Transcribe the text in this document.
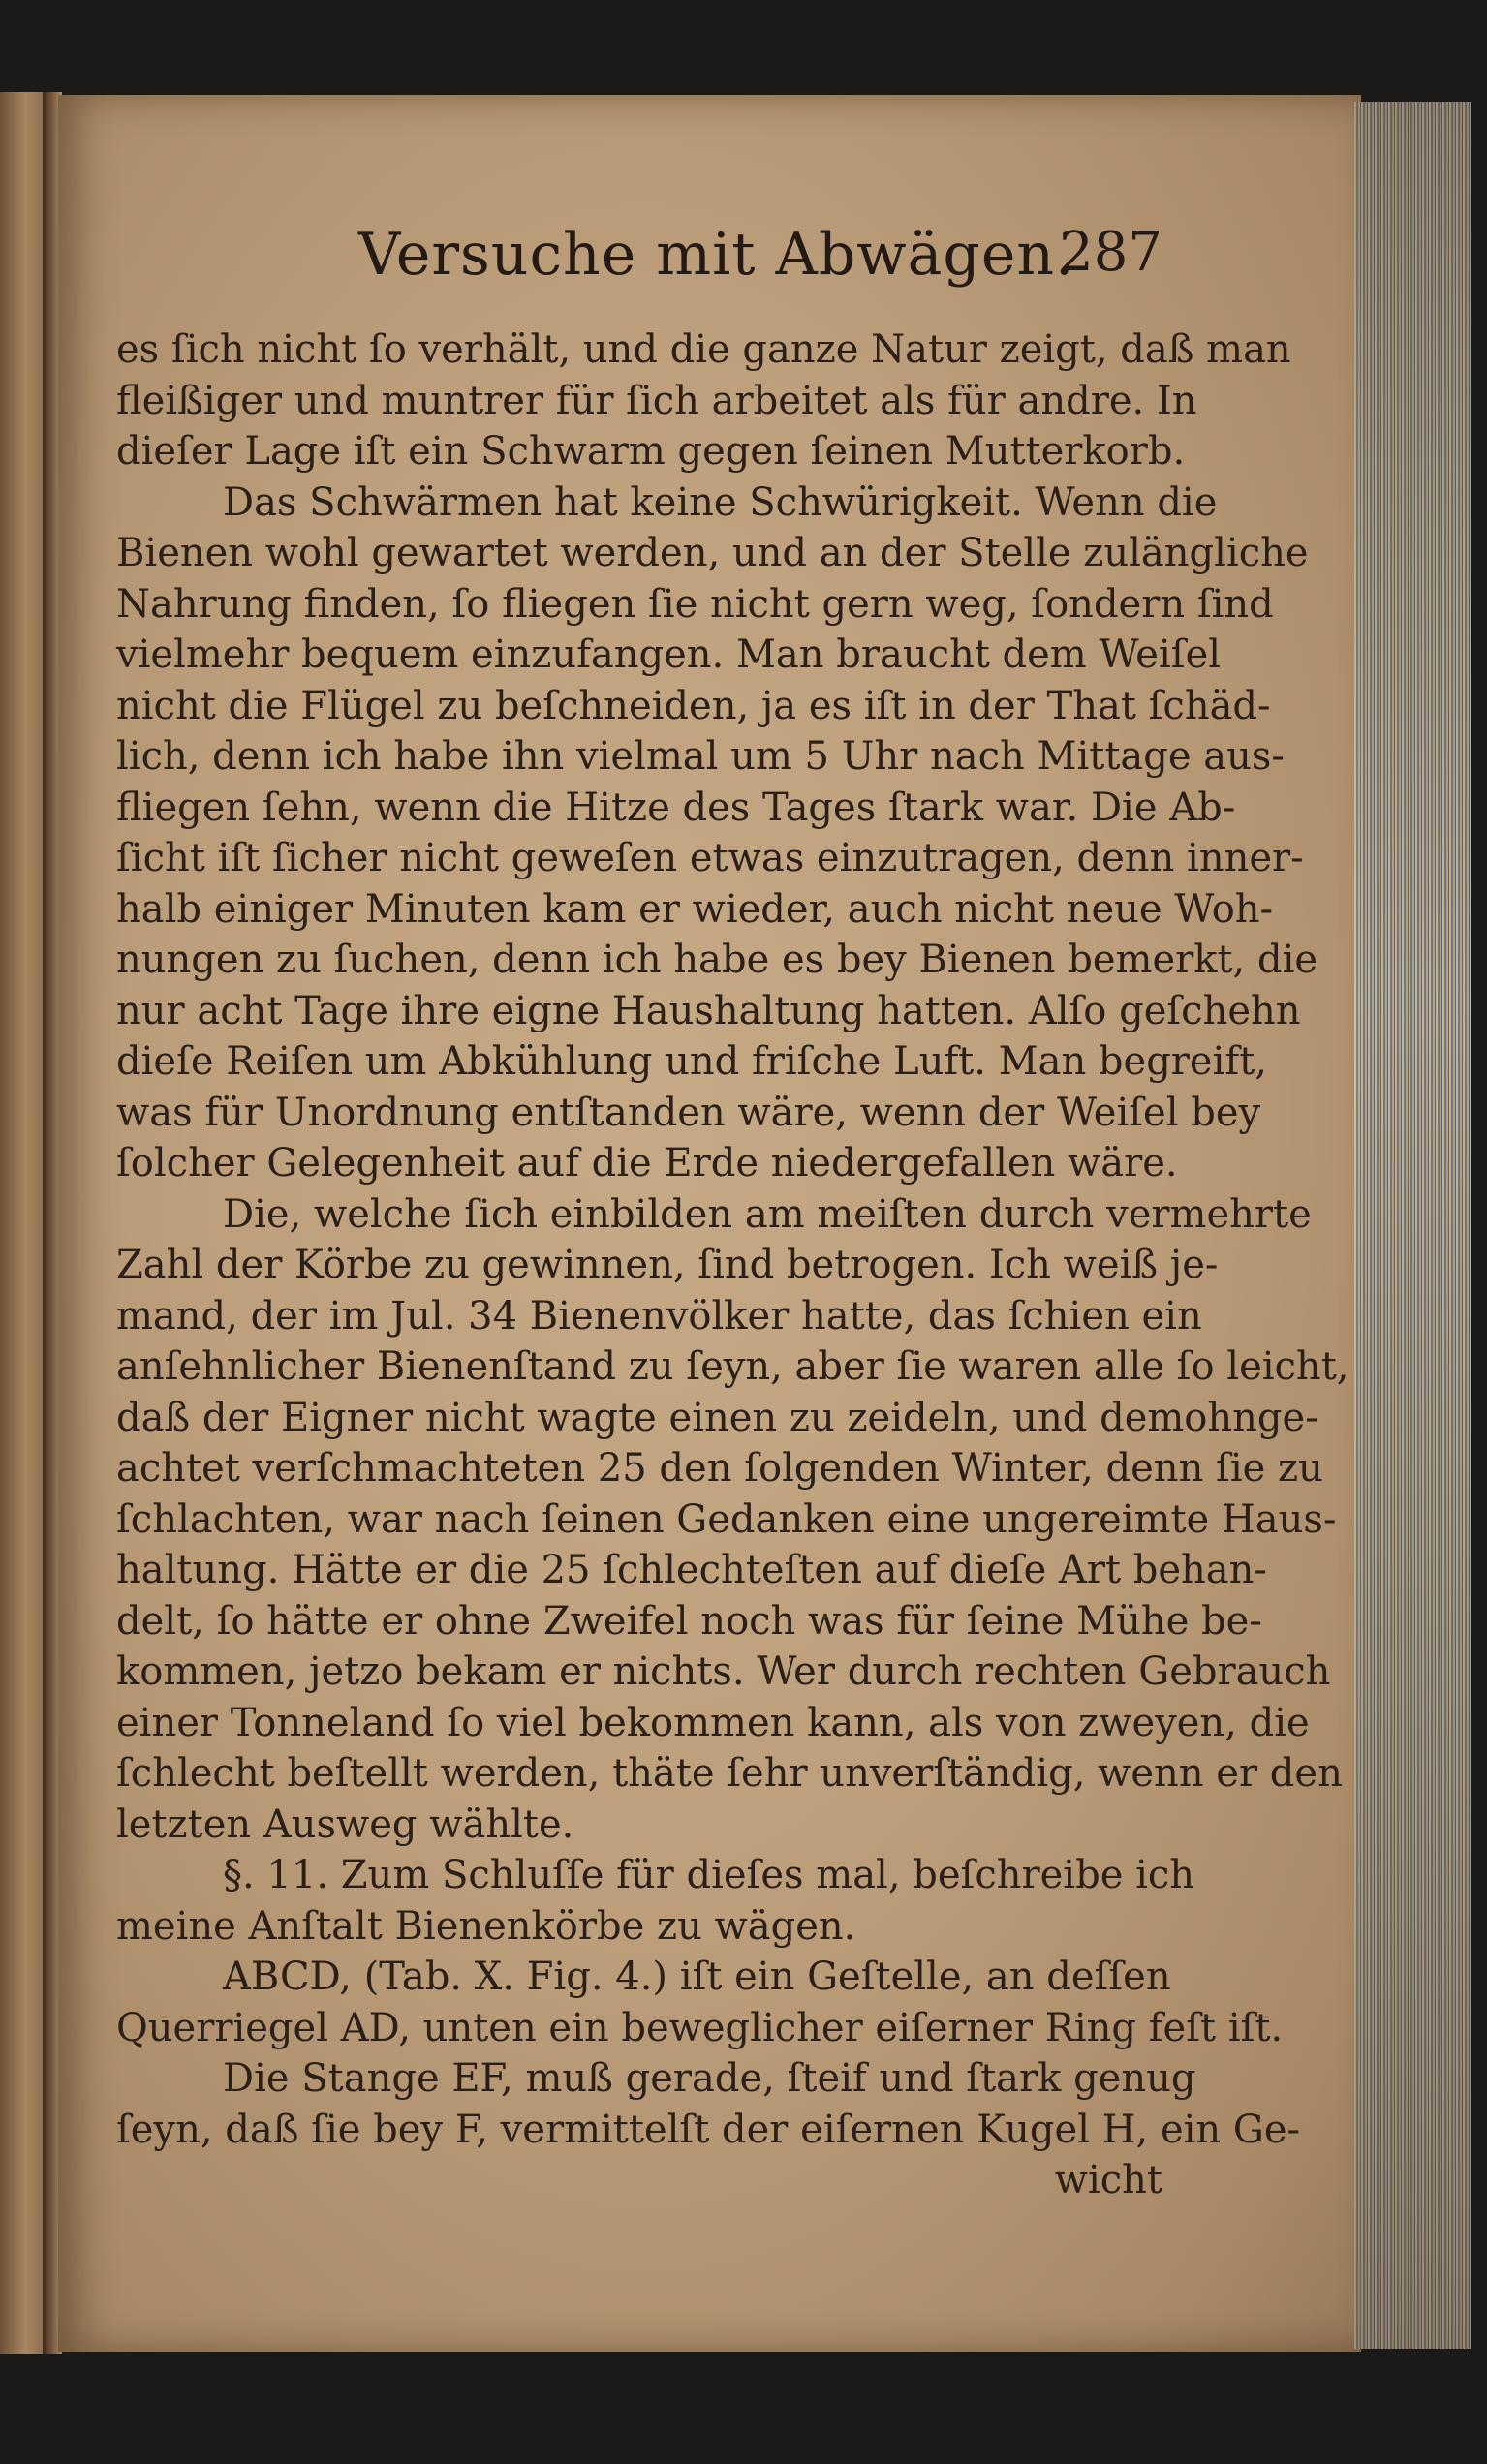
Versuche mit Abwägen.
287
es ſich nicht ſo verhält, und die ganze Natur zeigt, daß man
fleißiger und muntrer für ſich arbeitet als für andre. In
dieſer Lage iſt ein Schwarm gegen ſeinen Mutterkorb.
Das Schwärmen hat keine Schwürigkeit. Wenn die
Bienen wohl gewartet werden, und an der Stelle zulängliche
Nahrung finden, ſo fliegen ſie nicht gern weg, ſondern ſind
vielmehr bequem einzufangen. Man braucht dem Weiſel
nicht die Flügel zu beſchneiden, ja es iſt in der That ſchäd-
lich, denn ich habe ihn vielmal um 5 Uhr nach Mittage aus-
fliegen ſehn, wenn die Hitze des Tages ſtark war. Die Ab-
ſicht iſt ſicher nicht geweſen etwas einzutragen, denn inner-
halb einiger Minuten kam er wieder, auch nicht neue Woh-
nungen zu ſuchen, denn ich habe es bey Bienen bemerkt, die
nur acht Tage ihre eigne Haushaltung hatten. Alſo geſchehn
dieſe Reiſen um Abkühlung und friſche Luft. Man begreift,
was für Unordnung entſtanden wäre, wenn der Weiſel bey
ſolcher Gelegenheit auf die Erde niedergefallen wäre.
Die, welche ſich einbilden am meiſten durch vermehrte
Zahl der Körbe zu gewinnen, ſind betrogen. Ich weiß je-
mand, der im Jul. 34 Bienenvölker hatte, das ſchien ein
anſehnlicher Bienenſtand zu ſeyn, aber ſie waren alle ſo leicht,
daß der Eigner nicht wagte einen zu zeideln, und demohnge-
achtet verſchmachteten 25 den ſolgenden Winter, denn ſie zu
ſchlachten, war nach ſeinen Gedanken eine ungereimte Haus-
haltung. Hätte er die 25 ſchlechteſten auf dieſe Art behan-
delt, ſo hätte er ohne Zweifel noch was für ſeine Mühe be-
kommen, jetzo bekam er nichts. Wer durch rechten Gebrauch
einer Tonneland ſo viel bekommen kann, als von zweyen, die
ſchlecht beſtellt werden, thäte ſehr unverſtändig, wenn er den
letzten Ausweg wählte.
§. 11. Zum Schluſſe für dieſes mal, beſchreibe ich
meine Anſtalt Bienenkörbe zu wägen.
ABCD, (Tab. X. Fig. 4.) iſt ein Geſtelle, an deſſen
Querriegel AD, unten ein beweglicher eiſerner Ring feſt iſt.
Die Stange EF, muß gerade, ſteif und ſtark genug
ſeyn, daß ſie bey F, vermittelſt der eiſernen Kugel H, ein Ge-
wicht
